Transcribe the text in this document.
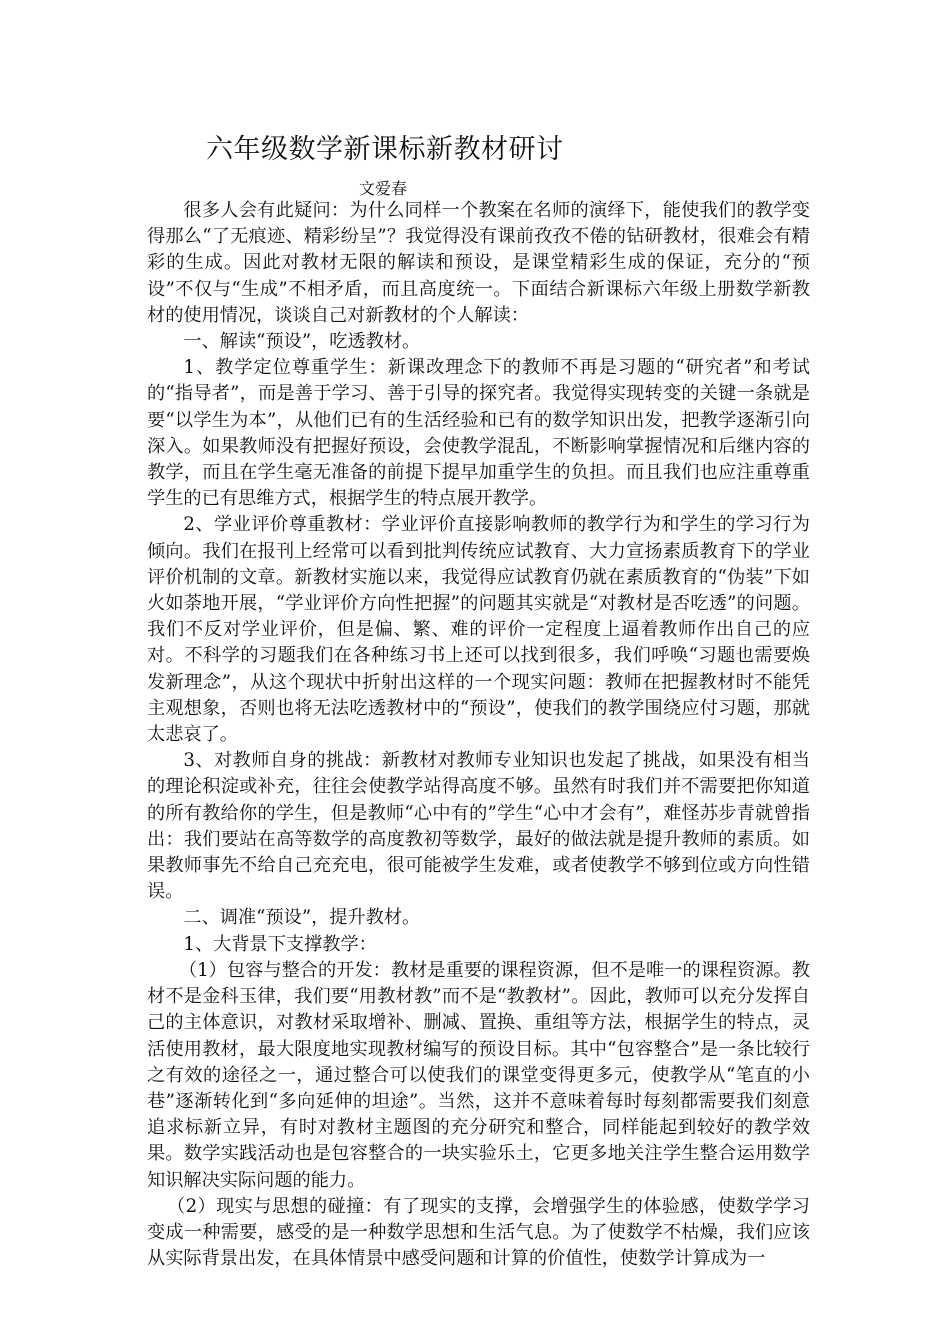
六年级数学新课标新教材研讨
文爱春

很多人会有此疑问：为什么同样一个教案在名师的演绎下，能使我们的教学变得那么“了无痕迹、精彩纷呈”？我觉得没有课前孜孜不倦的钻研教材，很难会有精彩的生成。因此对教材无限的解读和预设，是课堂精彩生成的保证，充分的“预设”不仅与“生成”不相矛盾，而且高度统一。下面结合新课标六年级上册数学新教材的使用情况，谈谈自己对新教材的个人解读：

一、解读“预设”，吃透教材。

1、教学定位尊重学生：新课改理念下的教师不再是习题的“研究者”和考试的“指导者”，而是善于学习、善于引导的探究者。我觉得实现转变的关键一条就是要“以学生为本”，从他们已有的生活经验和已有的数学知识出发，把教学逐渐引向深入。如果教师没有把握好预设，会使教学混乱，不断影响掌握情况和后继内容的教学，而且在学生毫无准备的前提下提早加重学生的负担。而且我们也应注重尊重学生的已有思维方式，根据学生的特点展开教学。

2、学业评价尊重教材：学业评价直接影响教师的教学行为和学生的学习行为倾向。我们在报刊上经常可以看到批判传统应试教育、大力宣扬素质教育下的学业评价机制的文章。新教材实施以来，我觉得应试教育仍就在素质教育的“伪装”下如火如荼地开展，“学业评价方向性把握”的问题其实就是“对教材是否吃透”的问题。我们不反对学业评价，但是偏、繁、难的评价一定程度上逼着教师作出自己的应对。不科学的习题我们在各种练习书上还可以找到很多，我们呼唤“习题也需要焕发新理念”，从这个现状中折射出这样的一个现实问题：教师在把握教材时不能凭主观想象，否则也将无法吃透教材中的“预设”，使我们的教学围绕应付习题，那就太悲哀了。

3、对教师自身的挑战：新教材对教师专业知识也发起了挑战，如果没有相当的理论积淀或补充，往往会使教学站得高度不够。虽然有时我们并不需要把你知道的所有教给你的学生，但是教师“心中有的”学生“心中才会有”，难怪苏步青就曾指出：我们要站在高等数学的高度教初等数学，最好的做法就是提升教师的素质。如果教师事先不给自己充充电，很可能被学生发难，或者使教学不够到位或方向性错误。

二、调准“预设”，提升教材。

1、大背景下支撑教学：

（1）包容与整合的开发：教材是重要的课程资源，但不是唯一的课程资源。教材不是金科玉律，我们要“用教材教”而不是“教教材”。因此，教师可以充分发挥自己的主体意识，对教材采取增补、删减、置换、重组等方法，根据学生的特点，灵活使用教材，最大限度地实现教材编写的预设目标。其中“包容整合”是一条比较行之有效的途径之一，通过整合可以使我们的课堂变得更多元，使教学从“笔直的小巷”逐渐转化到“多向延伸的坦途”。当然，这并不意味着每时每刻都需要我们刻意追求标新立异，有时对教材主题图的充分研究和整合，同样能起到较好的教学效果。数学实践活动也是包容整合的一块实验乐土，它更多地关注学生整合运用数学知识解决实际问题的能力。

（2）现实与思想的碰撞：有了现实的支撑，会增强学生的体验感，使数学学习变成一种需要，感受的是一种数学思想和生活气息。为了使数学不枯燥，我们应该从实际背景出发，在具体情景中感受问题和计算的价值性，使数学计算成为一
